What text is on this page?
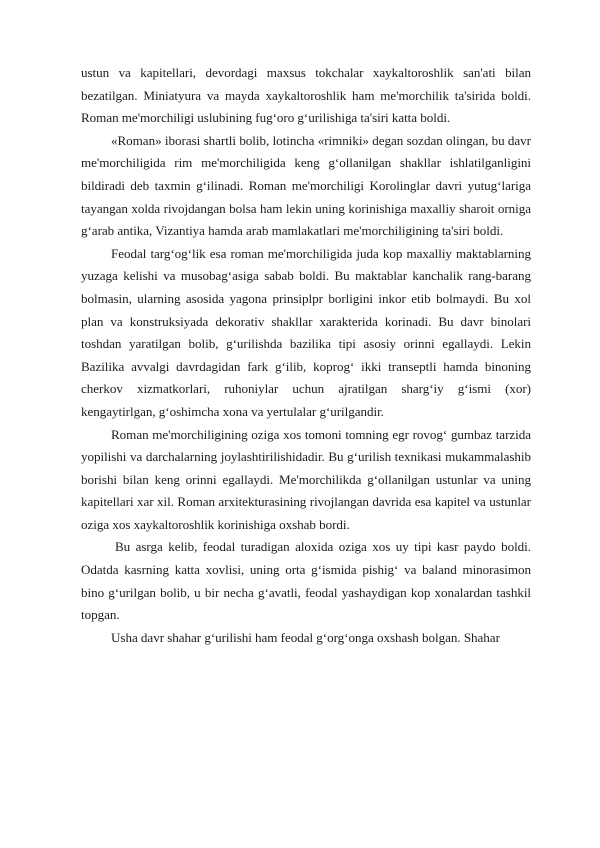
ustun va kapitellari, devordagi maxsus tokchalar xaykaltoroshlik san'ati bilan bezatilgan. Miniatyura va mayda xaykaltoroshlik ham me'morchilik ta'sirida boldi. Roman me'morchiligi uslubining fug‘oro g‘urilishiga ta'siri katta boldi.

«Roman» iborasi shartli bolib, lotincha «rimniki» degan sozdan olingan, bu davr me'morchiligida rim me'morchiligida keng g‘ollanilgan shakllar ishlatilganligini bildiradi deb taxmin g‘ilinadi. Roman me'morchiligi Korolinglar davri yutug‘lariga tayangan xolda rivojdangan bolsa ham lekin uning korinishiga maxalliy sharoit orniga g‘arab antika, Vizantiya hamda arab mamlakatlari me'morchiligining ta'siri boldi.

Feodal targ‘og‘lik esa roman me'morchiligida juda kop maxalliy maktablarning yuzaga kelishi va musobag‘asiga sabab boldi. Bu maktablar kanchalik rang-barang bolmasin, ularning asosida yagona prinsiplpr borligini inkor etib bolmaydi. Bu xol plan va konstruksiyada dekorativ shakllar xarakterida korinadi. Bu davr binolari toshdan yaratilgan bolib, g‘urilishda bazilika tipi asosiy orinni egallaydi. Lekin Bazilika avvalgi davrdagidan fark g‘ilib, koprog‘ ikki transeptli hamda binoning cherkov xizmatkorlari, ruhoniylar uchun ajratilgan sharg‘iy g‘ismi (xor) kengaytirlgan, g‘oshimcha xona va yertulalar g‘urilgandir.

Roman me'morchiligining oziga xos tomoni tomning egr rovog‘ gumbaz tarzida yopilishi va darchalarning joylashtirilishidadir. Bu g‘urilish texnikasi mukammalashib borishi bilan keng orinni egallaydi. Me'morchilikda g‘ollanilgan ustunlar va uning kapitellari xar xil. Roman arxitekturasining rivojlangan davrida esa kapitel va ustunlar oziga xos xaykaltoroshlik korinishiga oxshab bordi.

Bu asrga kelib, feodal turadigan aloxida oziga xos uy tipi kasr paydo boldi. Odatda kasrning katta xovlisi, uning orta g‘ismida pishig‘ va baland minorasimon bino g‘urilgan bolib, u bir necha g‘avatli, feodal yashaydigan kop xonalardan tashkil topgan.

Usha davr shahar g‘urilishi ham feodal g‘org‘onga oxshash bolgan. Shahar
